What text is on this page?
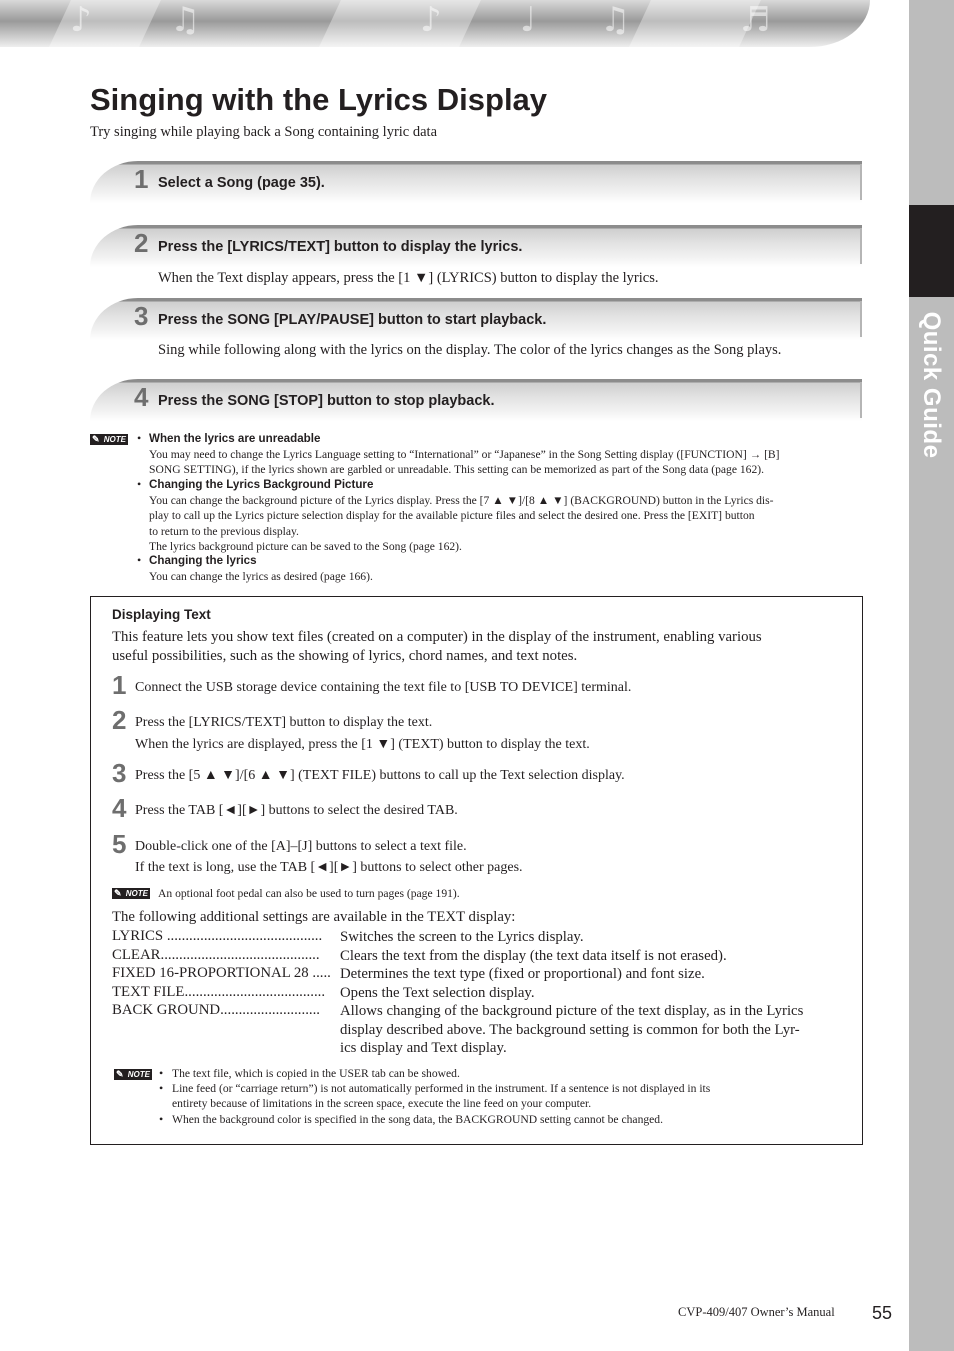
♪ ♫	♪ ♩ ♫	♬
Quick Guide
Singing with the Lyrics Display
Try singing while playing back a Song containing lyric data
1 Select a Song (page 35).
2 Press the [LYRICS/TEXT] button to display the lyrics.
When the Text display appears, press the [1 ▼] (LYRICS) button to display the lyrics.
3 Press the SONG [PLAY/PAUSE] button to start playback.
Sing while following along with the lyrics on the display. The color of the lyrics changes as the Song plays.
4 Press the SONG [STOP] button to stop playback.
✎ NOTE • When the lyrics are unreadable
You may need to change the Lyrics Language setting to “International” or “Japanese” in the Song Setting display ([FUNCTION] → [B]
SONG SETTING), if the lyrics shown are garbled or unreadable. This setting can be memorized as part of the Song data (page 162).
• Changing the Lyrics Background Picture
You can change the background picture of the Lyrics display. Press the [7 ▲ ▼]/[8 ▲ ▼] (BACKGROUND) button in the Lyrics dis-
play to call up the Lyrics picture selection display for the available picture files and select the desired one. Press the [EXIT] button
to return to the previous display.
The lyrics background picture can be saved to the Song (page 162).
• Changing the lyrics
You can change the lyrics as desired (page 166).
Displaying Text
This feature lets you show text files (created on a computer) in the display of the instrument, enabling various
useful possibilities, such as the showing of lyrics, chord names, and text notes.
1 Connect the USB storage device containing the text file to [USB TO DEVICE] terminal.
2 Press the [LYRICS/TEXT] button to display the text.
When the lyrics are displayed, press the [1 ▼] (TEXT) button to display the text.
3 Press the [5 ▲ ▼]/[6 ▲ ▼] (TEXT FILE) buttons to call up the Text selection display.
4 Press the TAB [◄][►] buttons to select the desired TAB.
5 Double-click one of the [A]–[J] buttons to select a text file.
If the text is long, use the TAB [◄][►] buttons to select other pages.
✎ NOTE An optional foot pedal can also be used to turn pages (page 191).
The following additional settings are available in the TEXT display:
LYRICS .......................................... Switches the screen to the Lyrics display.
CLEAR........................................... Clears the text from the display (the text data itself is not erased).
FIXED 16-PROPORTIONAL 28 ..... Determines the text type (fixed or proportional) and font size.
TEXT FILE...................................... Opens the Text selection display.
BACK GROUND........................... Allows changing of the background picture of the text display, as in the Lyrics
display described above. The background setting is common for both the Lyr-
ics display and Text display.
✎ NOTE • The text file, which is copied in the USER tab can be showed.
• Line feed (or “carriage return”) is not automatically performed in the instrument. If a sentence is not displayed in its
entirety because of limitations in the screen space, execute the line feed on your computer.
• When the background color is specified in the song data, the BACKGROUND setting cannot be changed.
CVP-409/407 Owner’s Manual 55
